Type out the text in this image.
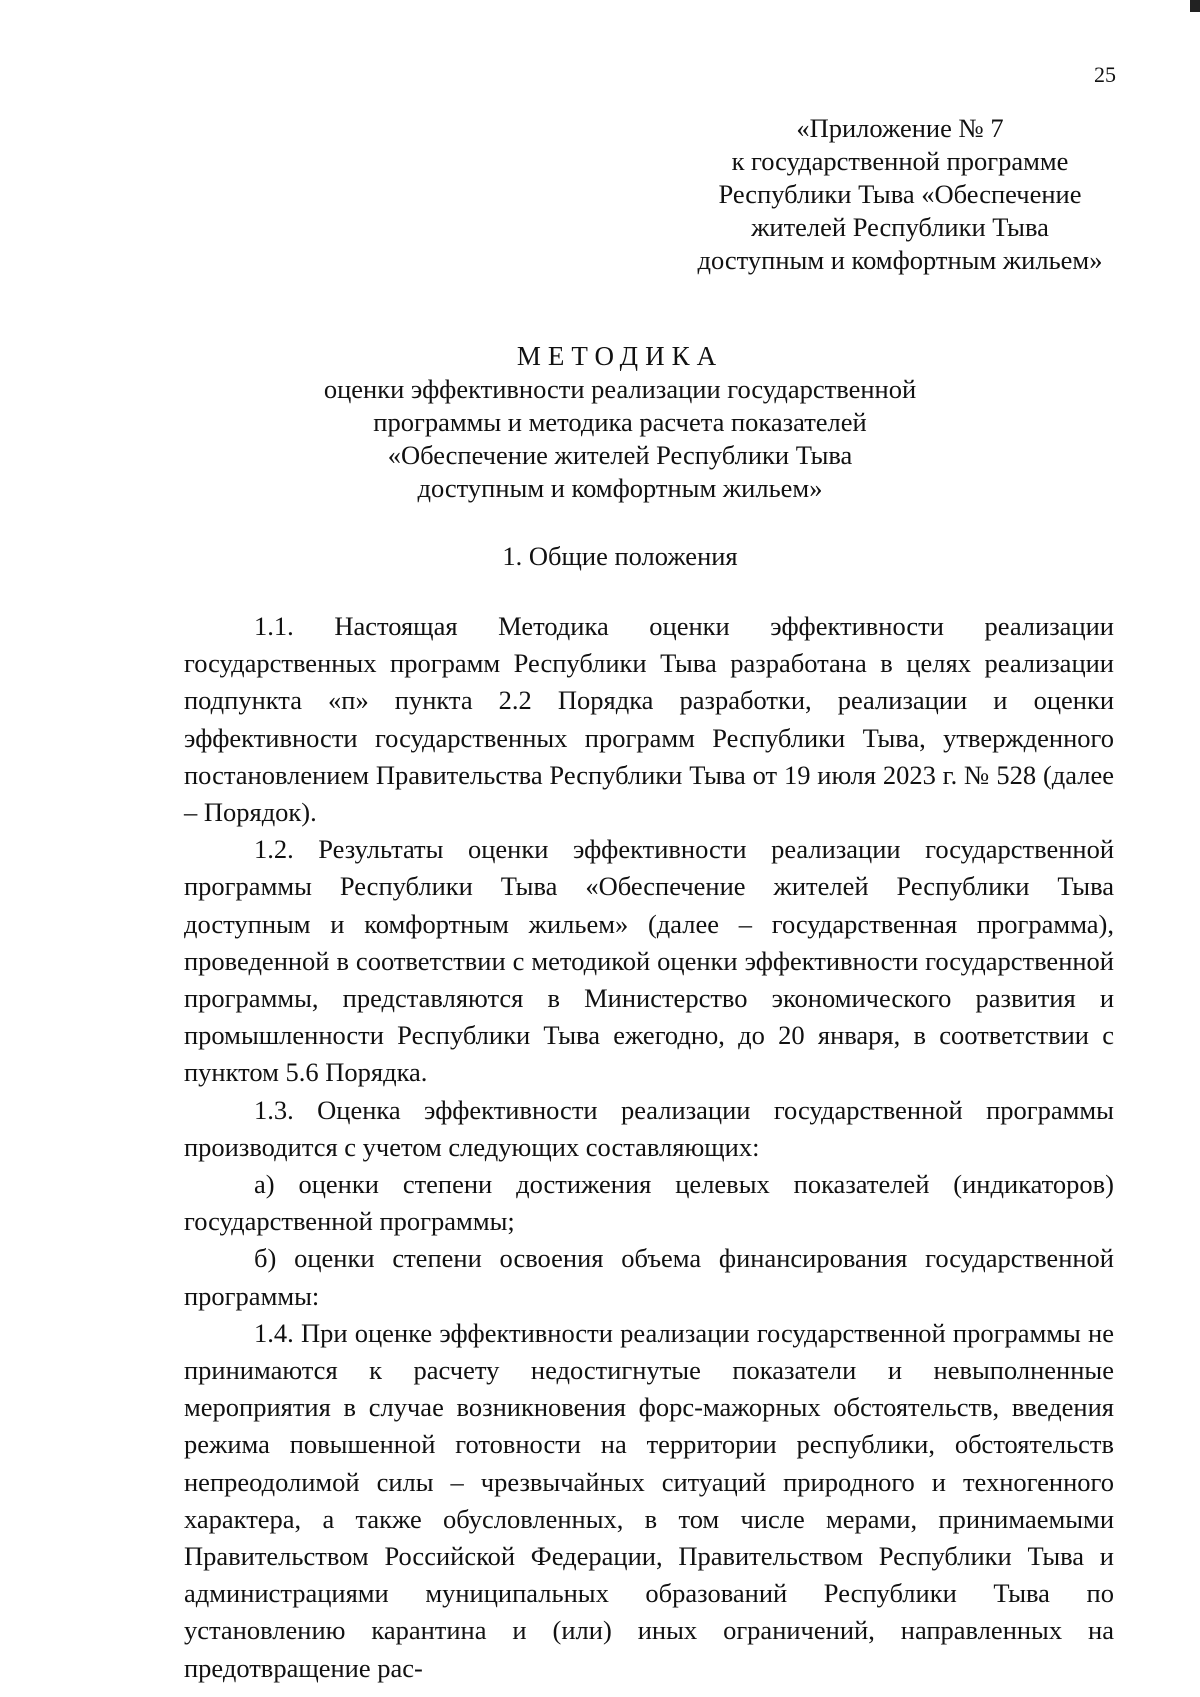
25
«Приложение № 7
к государственной программе
Республики Тыва «Обеспечение
жителей Республики Тыва
доступным и комфортным жильем»
МЕТОДИКА
оценки эффективности реализации государственной
программы и методика расчета показателей
«Обеспечение жителей Республики Тыва
доступным и комфортным жильем»
1. Общие положения

1.1. Настоящая Методика оценки эффективности реализации государственных программ Республики Тыва разработана в целях реализации подпункта «п» пункта 2.2 Порядка разработки, реализации и оценки эффективности государственных программ Республики Тыва, утвержденного постановлением Правительства Республики Тыва от 19 июля 2023 г. № 528 (далее – Порядок).

1.2. Результаты оценки эффективности реализации государственной программы Республики Тыва «Обеспечение жителей Республики Тыва доступным и комфортным жильем» (далее – государственная программа), проведенной в соответствии с методикой оценки эффективности государственной программы, представляются в Министерство экономического развития и промышленности Республики Тыва ежегодно, до 20 января, в соответствии с пунктом 5.6 Порядка.

1.3. Оценка эффективности реализации государственной программы производится с учетом следующих составляющих:

а) оценки степени достижения целевых показателей (индикаторов) государственной программы;

б) оценки степени освоения объема финансирования государственной программы:

1.4. При оценке эффективности реализации государственной программы не принимаются к расчету недостигнутые показатели и невыполненные мероприятия в случае возникновения форс-мажорных обстоятельств, введения режима повышенной готовности на территории республики, обстоятельств непреодолимой силы – чрезвычайных ситуаций природного и техногенного характера, а также обусловленных, в том числе мерами, принимаемыми Правительством Российской Федерации, Правительством Республики Тыва и администрациями муниципальных образований Республики Тыва по установлению карантина и (или) иных ограничений, направленных на предотвращение рас-
